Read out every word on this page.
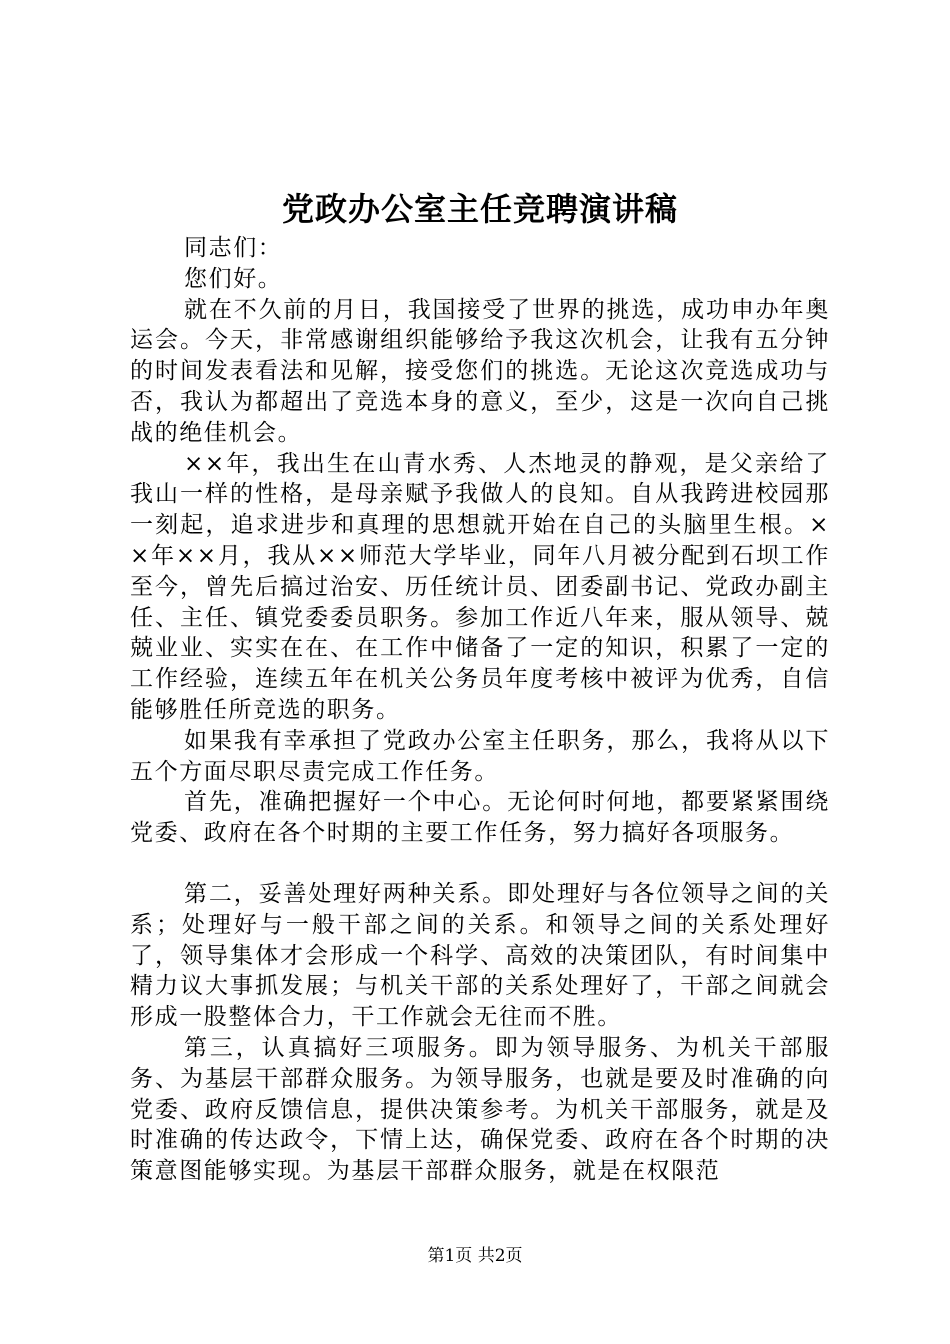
党政办公室主任竞聘演讲稿

同志们：

您们好。

就在不久前的月日，我国接受了世界的挑选，成功申办年奥运会。今天，非常感谢组织能够给予我这次机会，让我有五分钟的时间发表看法和见解，接受您们的挑选。无论这次竞选成功与否，我认为都超出了竞选本身的意义，至少，这是一次向自己挑战的绝佳机会。

××年，我出生在山青水秀、人杰地灵的静观，是父亲给了我山一样的性格，是母亲赋予我做人的良知。自从我跨进校园那一刻起，追求进步和真理的思想就开始在自己的头脑里生根。××年××月，我从××师范大学毕业，同年八月被分配到石坝工作至今，曾先后搞过治安、历任统计员、团委副书记、党政办副主任、主任、镇党委委员职务。参加工作近八年来，服从领导、兢兢业业、实实在在、在工作中储备了一定的知识，积累了一定的工作经验，连续五年在机关公务员年度考核中被评为优秀，自信能够胜任所竞选的职务。

如果我有幸承担了党政办公室主任职务，那么，我将从以下五个方面尽职尽责完成工作任务。

首先，准确把握好一个中心。无论何时何地，都要紧紧围绕党委、政府在各个时期的主要工作任务，努力搞好各项服务。

第二，妥善处理好两种关系。即处理好与各位领导之间的关系；处理好与一般干部之间的关系。和领导之间的关系处理好了，领导集体才会形成一个科学、高效的决策团队，有时间集中精力议大事抓发展；与机关干部的关系处理好了，干部之间就会形成一股整体合力，干工作就会无往而不胜。

第三，认真搞好三项服务。即为领导服务、为机关干部服务、为基层干部群众服务。为领导服务，也就是要及时准确的向党委、政府反馈信息，提供决策参考。为机关干部服务，就是及时准确的传达政令，下情上达，确保党委、政府在各个时期的决策意图能够实现。为基层干部群众服务，就是在权限范

第1页 共2页
